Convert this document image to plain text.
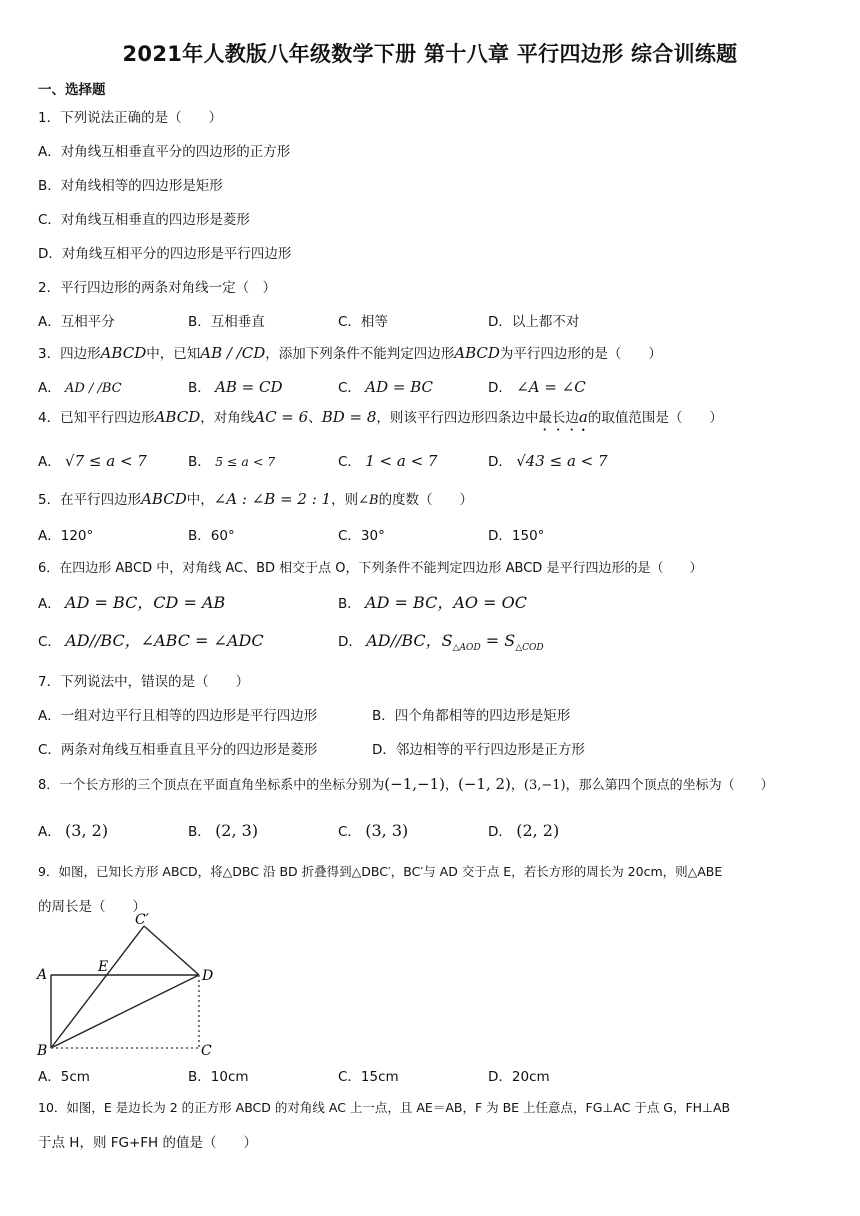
2021年人教版八年级数学下册 第十八章 平行四边形 综合训练题
一、选择题
1．下列说法正确的是（　　）
A．对角线互相垂直平分的四边形的正方形
B．对角线相等的四边形是矩形
C．对角线互相垂直的四边形是菱形
D．对角线互相平分的四边形是平行四边形
2．平行四边形的两条对角线一定（　）
A．互相平分	B．互相垂直	C．相等	D．以上都不对
3．四边形ABCD中，已知AB / /CD，添加下列条件不能判定四边形ABCD为平行四边形的是（　　）
A． AD / /BC	B． AB = CD	C． AD = BC	D． ∠A = ∠C
4．已知平行四边形ABCD，对角线AC = 6、BD = 8，则该平行四边形四条边中最长边a的取值范围是（　　）
A． √7 ≤ a < 7	B． 5 ≤ a < 7	C． 1 < a < 7	D． √43 ≤ a < 7
5．在平行四边形ABCD中，∠A : ∠B = 2 : 1，则∠B的度数（　　）
A．120°	B．60°	C．30°	D．150°
6．在四边形 ABCD 中，对角线 AC、BD 相交于点 O，下列条件不能判定四边形 ABCD 是平行四边形的是（　　）
A． AD = BC，CD = AB	B． AD = BC，AO = OC
C． AD//BC，∠ABC = ∠ADC	D． AD//BC，$S_{\triangle AOD} = S_{\triangle COD}$
7．下列说法中，错误的是（　　）
A．一组对边平行且相等的四边形是平行四边形	B．四个角都相等的四边形是矩形
C．两条对角线互相垂直且平分的四边形是菱形	D．邻边相等的平行四边形是正方形
8．一个长方形的三个顶点在平面直角坐标系中的坐标分别为(−1,−1)，(−1, 2)，(3,−1)，那么第四个顶点的坐标为（　　）
A． (3, 2)	B． (2, 3)	C． (3, 3)	D． (2, 2)
9．如图，已知长方形 ABCD，将△DBC 沿 BD 折叠得到△DBC′，BC′与 AD 交于点 E，若长方形的周长为 20cm，则△ABE
的周长是（　　）
C′
A	E
D
B	C
A．5cm	B．10cm	C．15cm	D．20cm
10．如图，E 是边长为 2 的正方形 ABCD 的对角线 AC 上一点，且 AE＝AB，F 为 BE 上任意点，FG⊥AC 于点 G，FH⊥AB
于点 H，则 FG+FH 的值是（　　）
